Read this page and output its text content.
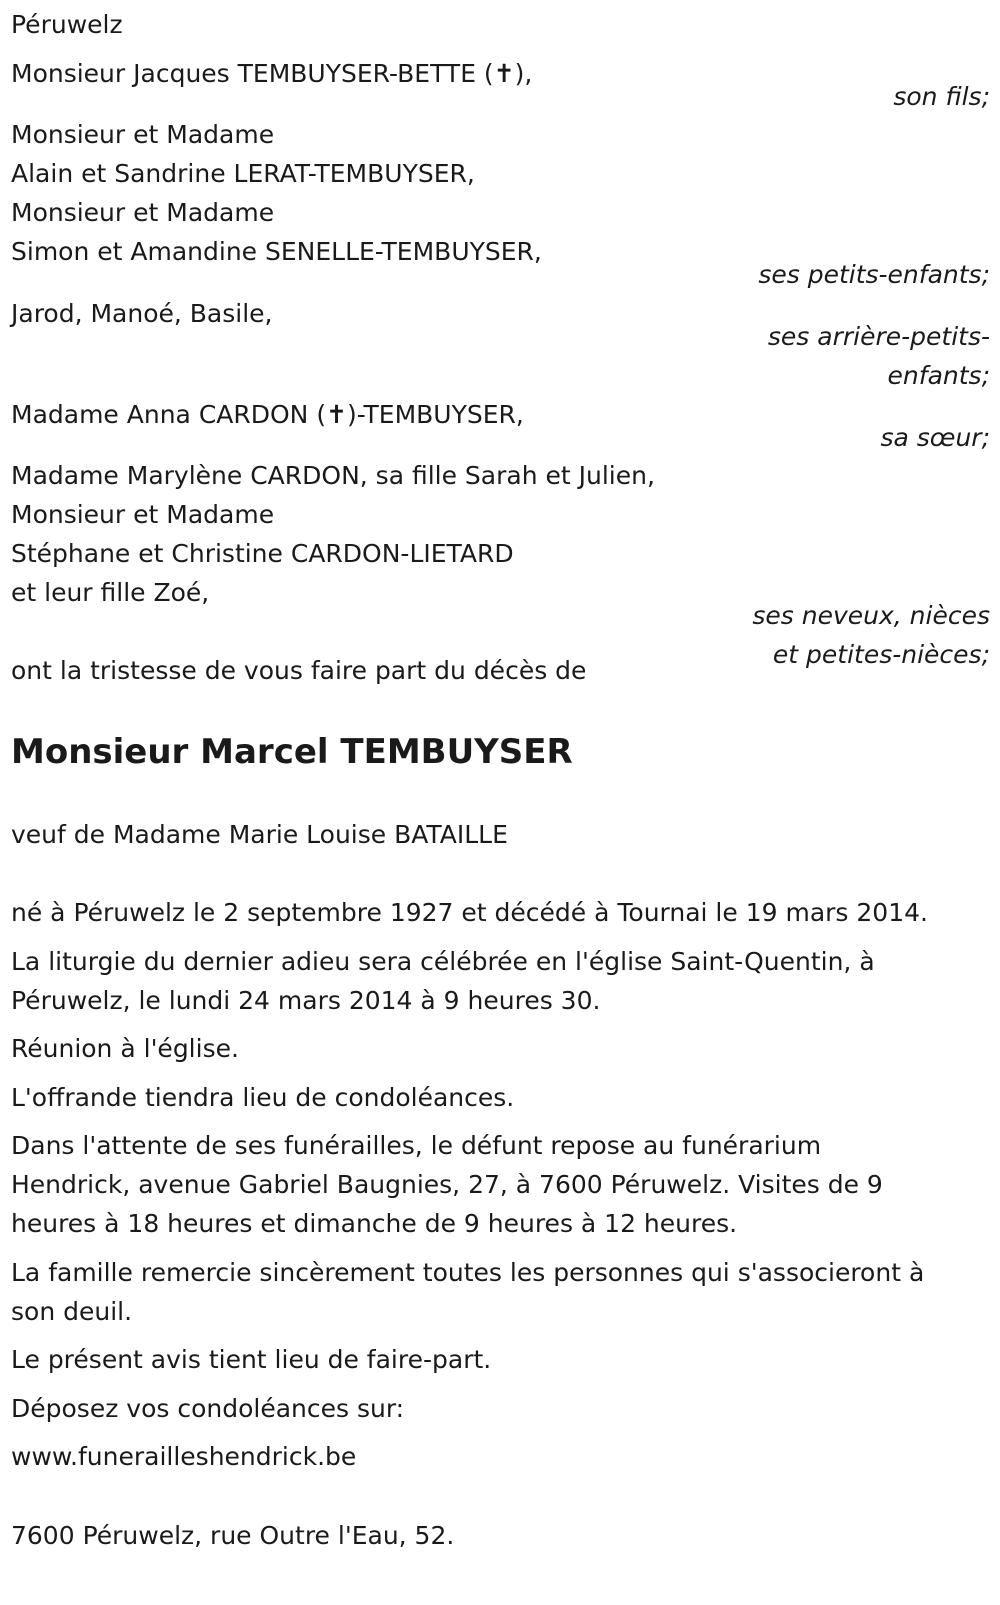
Péruwelz
Monsieur Jacques TEMBUYSER-BETTE (✝),
son fils;
Monsieur et Madame
Alain et Sandrine LERAT-TEMBUYSER,
Monsieur et Madame
Simon et Amandine SENELLE-TEMBUYSER,
ses petits-enfants;
Jarod, Manoé, Basile,
ses arrière-petits-
enfants;
Madame Anna CARDON (✝)-TEMBUYSER,
sa sœur;
Madame Marylène CARDON, sa fille Sarah et Julien,
Monsieur et Madame
Stéphane et Christine CARDON-LIETARD
et leur fille Zoé,
ses neveux, nièces
et petites-nièces;
ont la tristesse de vous faire part du décès de
Monsieur Marcel TEMBUYSER
veuf de Madame Marie Louise BATAILLE
né à Péruwelz le 2 septembre 1927 et décédé à Tournai le 19 mars 2014.
La liturgie du dernier adieu sera célébrée en l'église Saint-Quentin, à
Péruwelz, le lundi 24 mars 2014 à 9 heures 30.
Réunion à l'église.
L'offrande tiendra lieu de condoléances.
Dans l'attente de ses funérailles, le défunt repose au funérarium
Hendrick, avenue Gabriel Baugnies, 27, à 7600 Péruwelz. Visites de 9
heures à 18 heures et dimanche de 9 heures à 12 heures.
La famille remercie sincèrement toutes les personnes qui s'associeront à
son deuil.
Le présent avis tient lieu de faire-part.
Déposez vos condoléances sur:
www.funerailleshendrick.be
7600 Péruwelz, rue Outre l'Eau, 52.
